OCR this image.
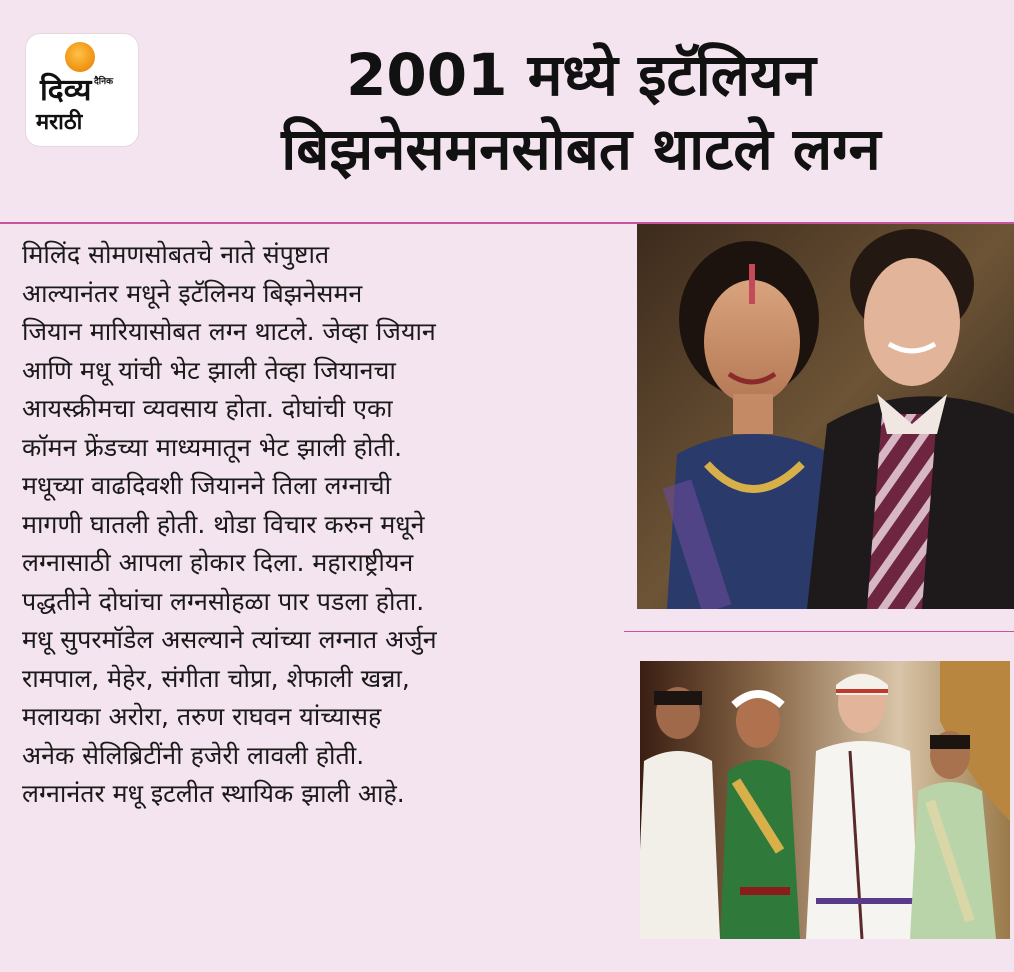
दैनिक
दिव्य
मराठी
2001 मध्ये इटॅलियन
बिझनेसमनसोबत थाटले लग्न
मिलिंद सोमणसोबतचे नाते संपुष्टात
आल्यानंतर मधूने इटॅलिनय बिझनेसमन
जियान मारियासोबत लग्न थाटले. जेव्हा जियान
आणि मधू यांची भेट झाली तेव्हा जियानचा
आयस्क्रीमचा व्यवसाय होता. दोघांची एका
कॉमन फ्रेंडच्या माध्यमातून भेट झाली होती.
मधूच्या वाढदिवशी जियानने तिला लग्नाची
मागणी घातली होती. थोडा विचार करुन मधूने
लग्नासाठी आपला होकार दिला. महाराष्ट्रीयन
पद्धतीने दोघांचा लग्नसोहळा पार पडला होता.
मधू सुपरमॉडेल असल्याने त्यांच्या लग्नात अर्जुन
रामपाल, मेहेर, संगीता चोप्रा, शेफाली खन्ना,
मलायका अरोरा, तरुण राघवन यांच्यासह
अनेक सेलिब्रिटींनी हजेरी लावली होती.
लग्नानंतर मधू इटलीत स्थायिक झाली आहे.
